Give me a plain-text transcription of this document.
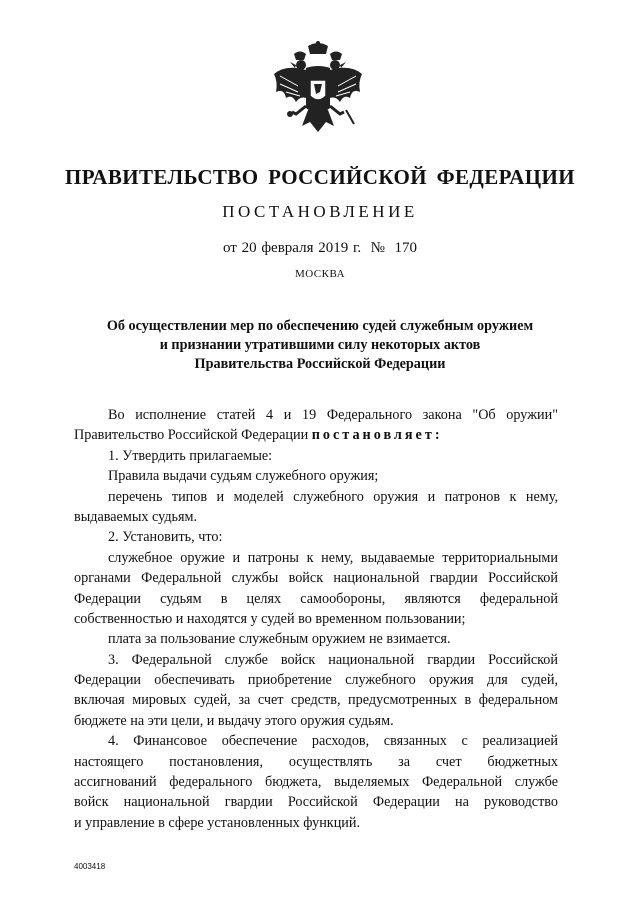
ПРАВИТЕЛЬСТВО РОССИЙСКОЙ ФЕДЕРАЦИИ
ПОСТАНОВЛЕНИЕ
от 20 февраля 2019 г.  №  170
МОСКВА
Об осуществлении мер по обеспечению судей служебным оружием
и признании утратившими силу некоторых актов
Правительства Российской Федерации
Во исполнение статей 4 и 19 Федерального закона "Об оружии"
Правительство Российской Федерации постановляет:
1. Утвердить прилагаемые:
Правила выдачи судьям служебного оружия;
перечень типов и моделей служебного оружия и патронов к нему,
выдаваемых судьям.
2. Установить, что:
служебное оружие и патроны к нему, выдаваемые территориальными
органами Федеральной службы войск национальной гвардии Российской
Федерации судьям в целях самообороны, являются федеральной
собственностью и находятся у судей во временном пользовании;
плата за пользование служебным оружием не взимается.
3. Федеральной службе войск национальной гвардии Российской
Федерации обеспечивать приобретение служебного оружия для судей,
включая мировых судей, за счет средств, предусмотренных в федеральном
бюджете на эти цели, и выдачу этого оружия судьям.
4. Финансовое обеспечение расходов, связанных с реализацией
настоящего постановления, осуществлять за счет бюджетных
ассигнований федерального бюджета, выделяемых Федеральной службе
войск национальной гвардии Российской Федерации на руководство
и управление в сфере установленных функций.
4003418
